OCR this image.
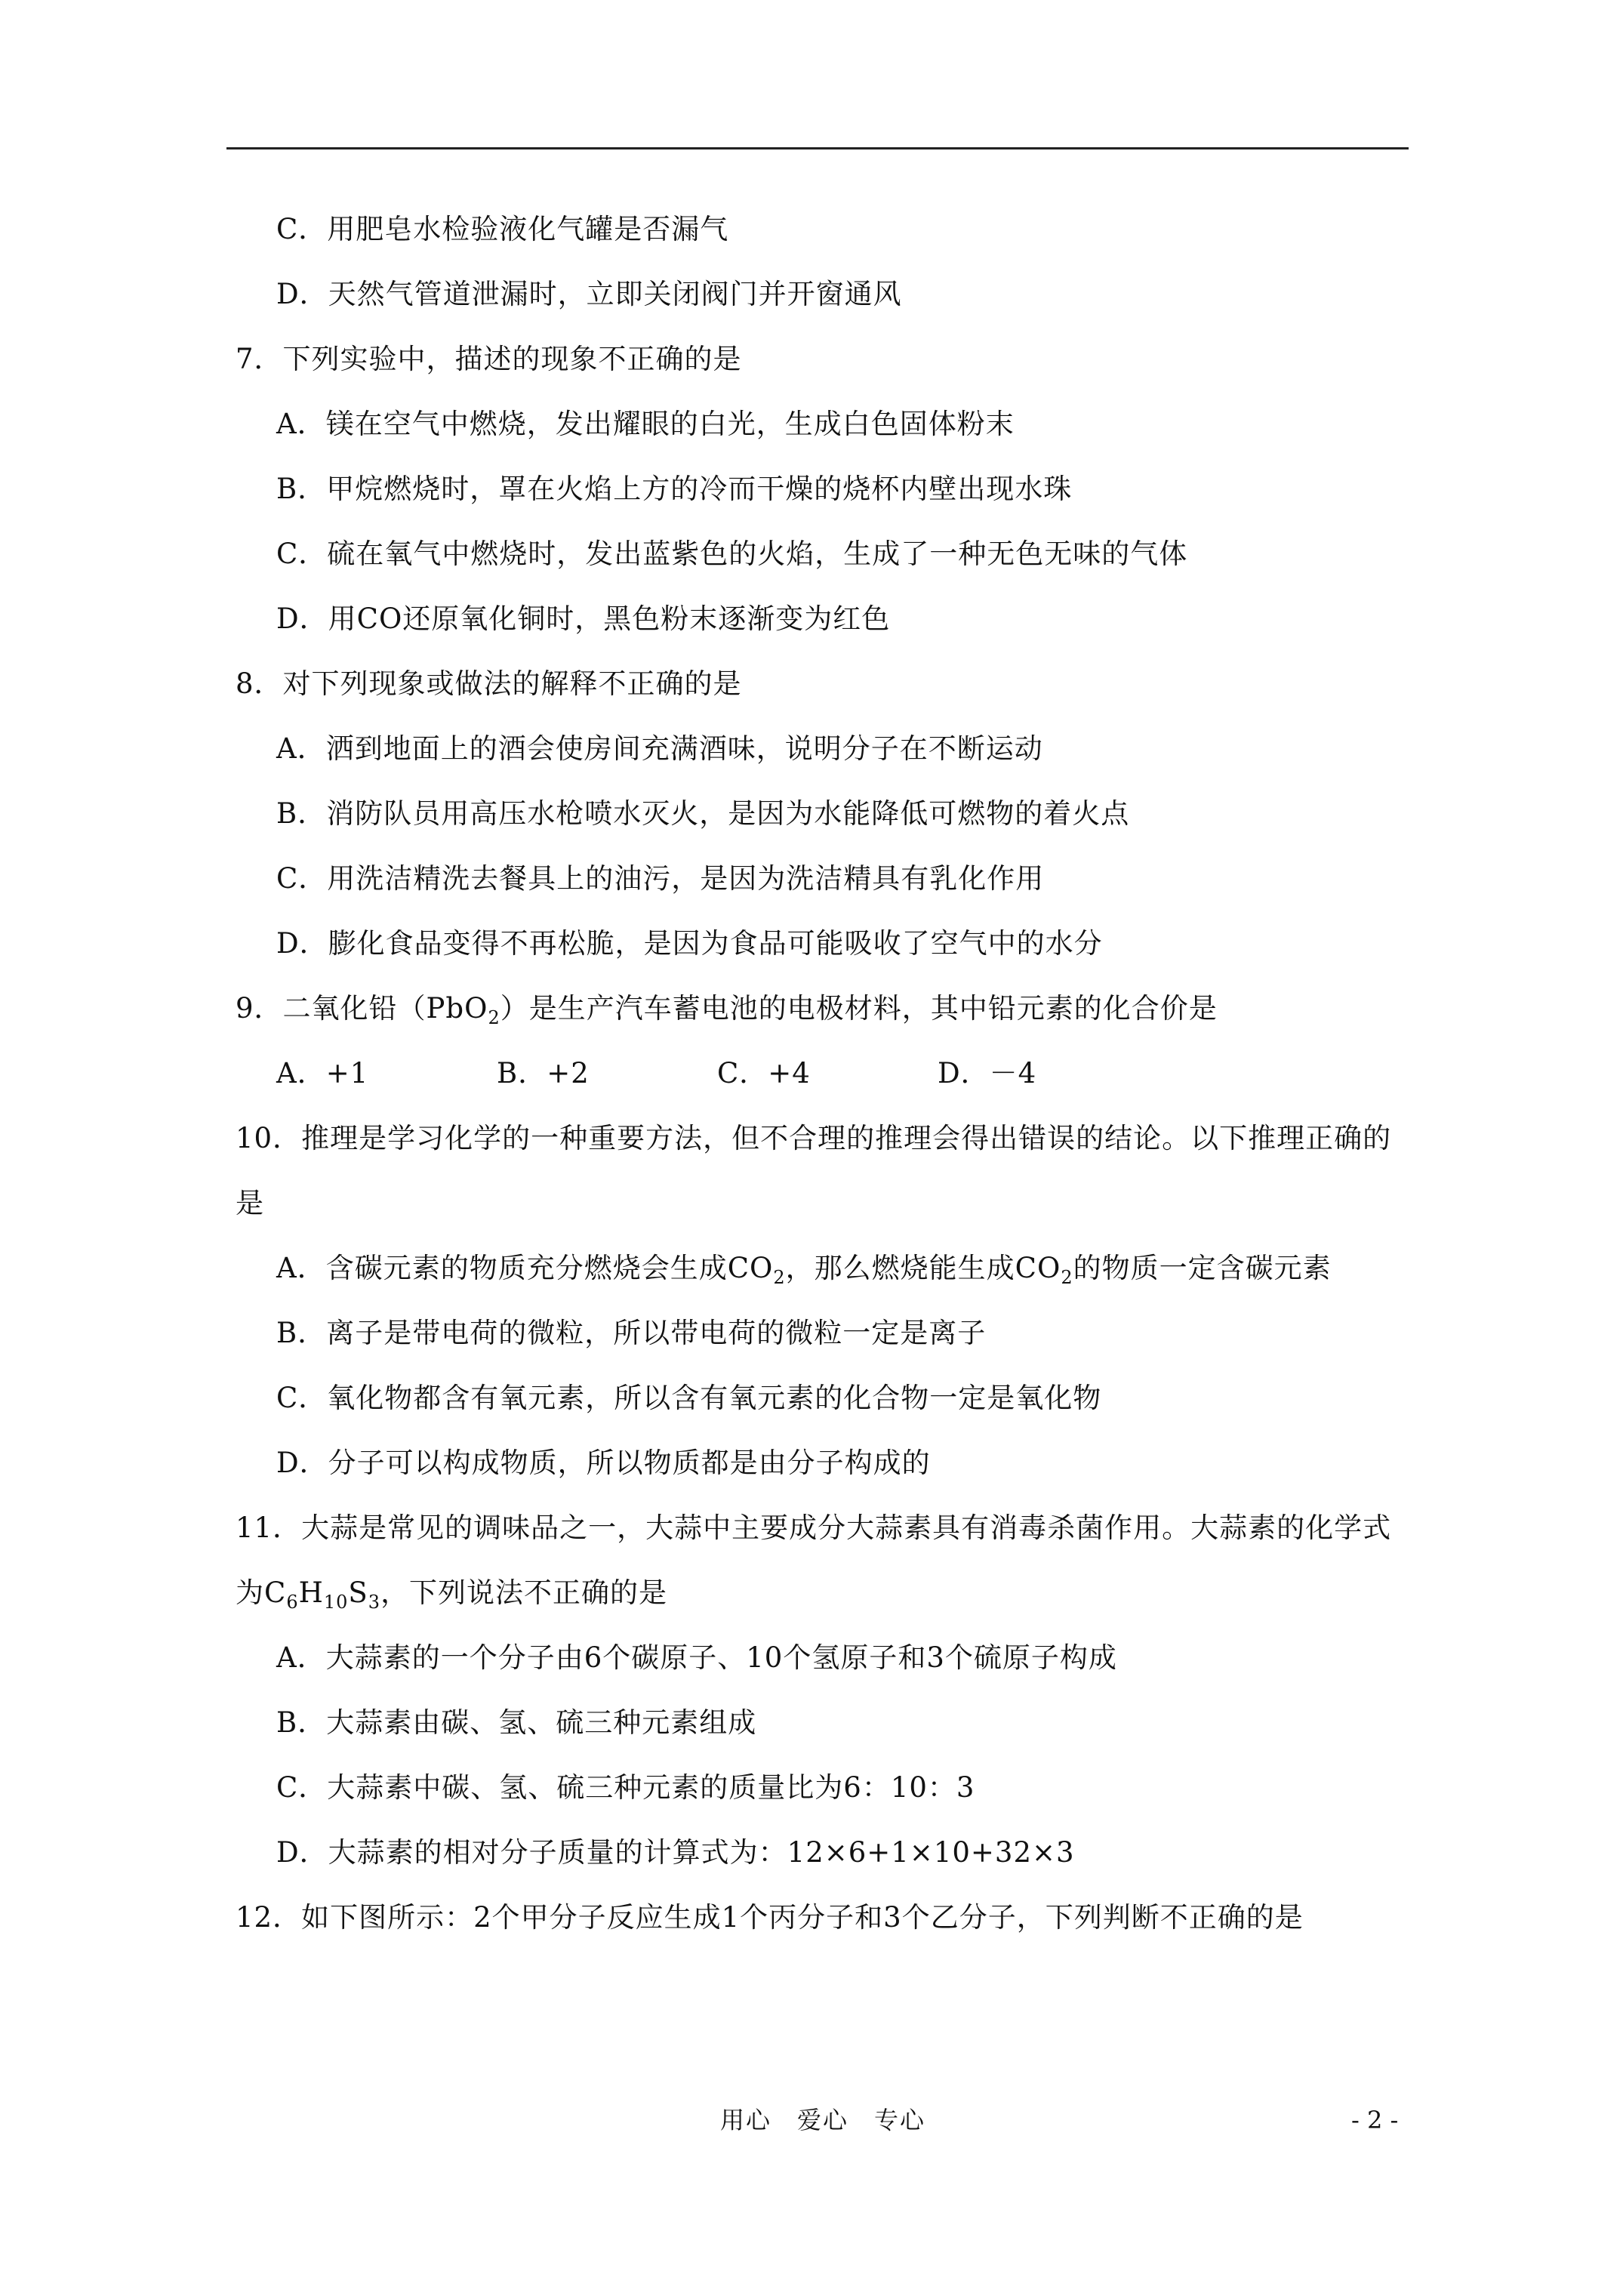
C．用肥皂水检验液化气罐是否漏气
D．天然气管道泄漏时，立即关闭阀门并开窗通风
7．下列实验中，描述的现象不正确的是
A．镁在空气中燃烧，发出耀眼的白光，生成白色固体粉末
B．甲烷燃烧时，罩在火焰上方的冷而干燥的烧杯内壁出现水珠
C．硫在氧气中燃烧时，发出蓝紫色的火焰，生成了一种无色无味的气体
D．用CO还原氧化铜时，黑色粉末逐渐变为红色
8．对下列现象或做法的解释不正确的是
A．洒到地面上的酒会使房间充满酒味，说明分子在不断运动
B．消防队员用高压水枪喷水灭火，是因为水能降低可燃物的着火点
C．用洗洁精洗去餐具上的油污，是因为洗洁精具有乳化作用
D．膨化食品变得不再松脆，是因为食品可能吸收了空气中的水分
9．二氧化铅（PbO$_2$）是生产汽车蓄电池的电极材料，其中铅元素的化合价是
A．+1	B．+2	C．+4	D．－4
10．推理是学习化学的一种重要方法，但不合理的推理会得出错误的结论。以下推理正确的
是
A．含碳元素的物质充分燃烧会生成$CO_2$，那么燃烧能生成$CO_2$的物质一定含碳元素
B．离子是带电荷的微粒，所以带电荷的微粒一定是离子
C．氧化物都含有氧元素，所以含有氧元素的化合物一定是氧化物
D．分子可以构成物质，所以物质都是由分子构成的
11．大蒜是常见的调味品之一，大蒜中主要成分大蒜素具有消毒杀菌作用。大蒜素的化学式
为$C_6H_{10}S_3$，下列说法不正确的是
A．大蒜素的一个分子由6个碳原子、10个氢原子和3个硫原子构成
B．大蒜素由碳、氢、硫三种元素组成
C．大蒜素中碳、氢、硫三种元素的质量比为6：10：3
D．大蒜素的相对分子质量的计算式为：12×6+1×10+32×3
12．如下图所示：2个甲分子反应生成1个丙分子和3个乙分子，下列判断不正确的是
用心　爱心　专心	- 2 -
